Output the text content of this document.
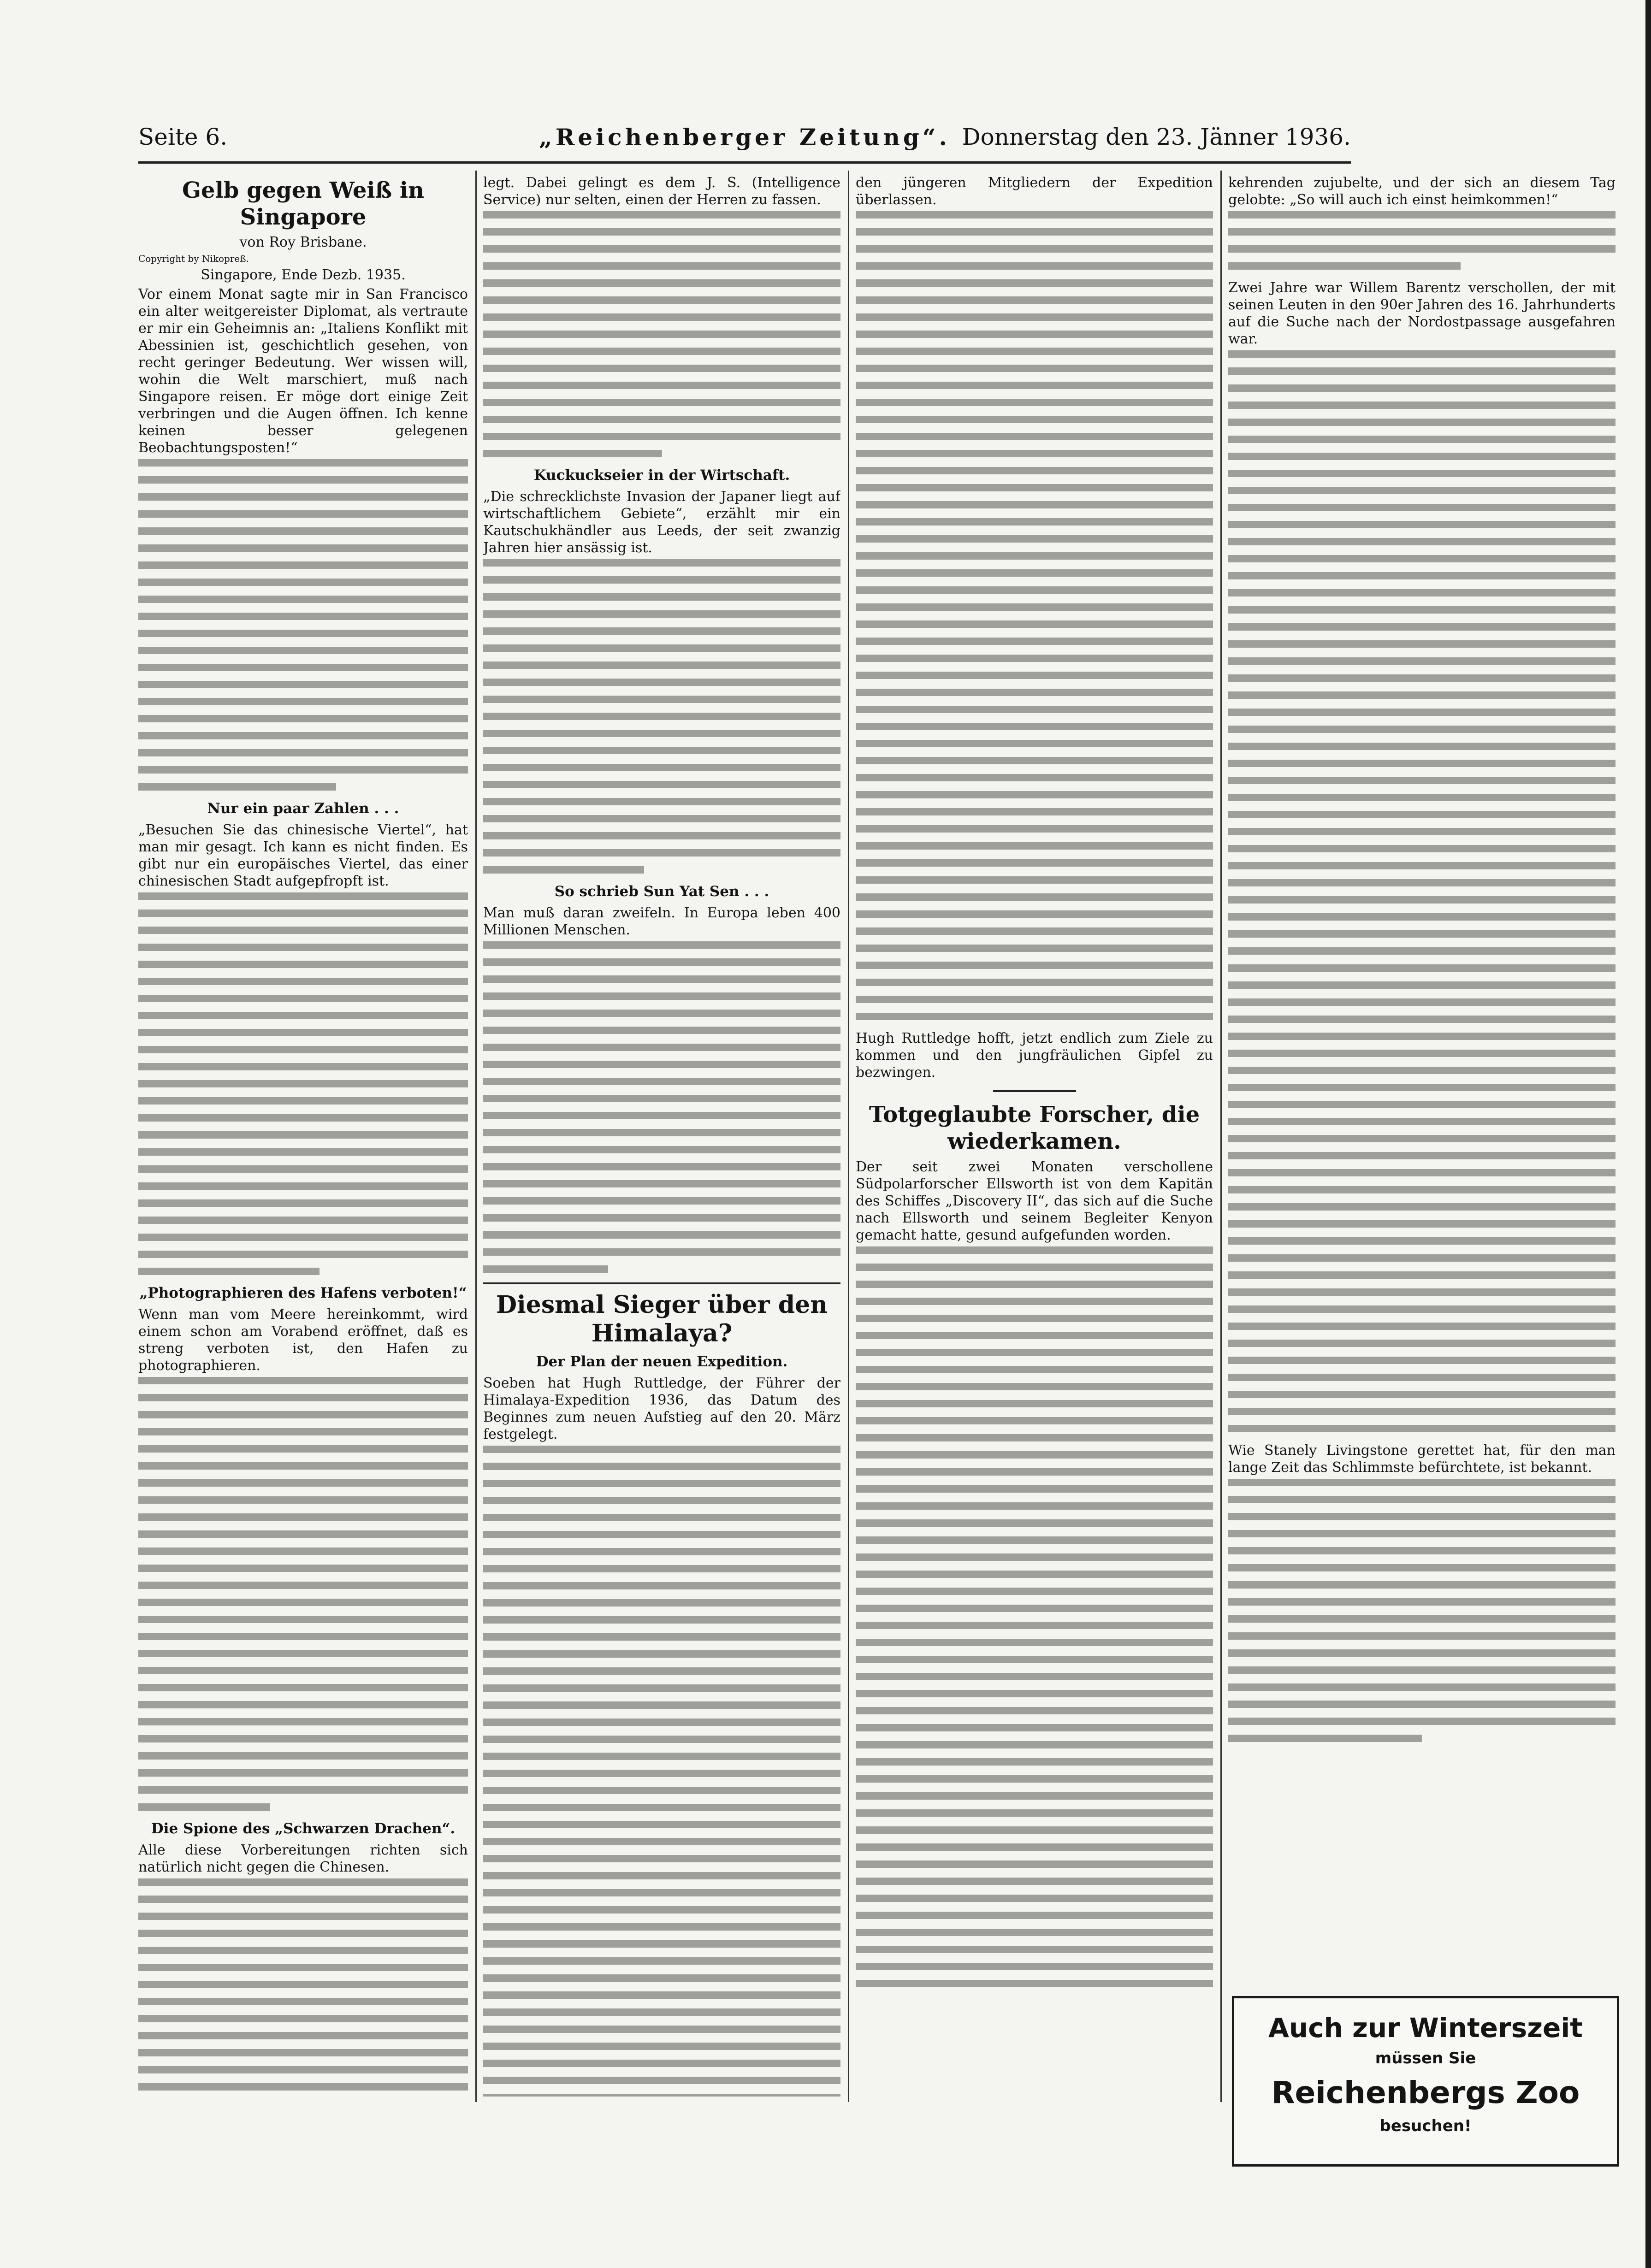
Seite 6.	„Reichenberger Zeitung“. Donnerstag den 23. Jänner 1936.
Gelb gegen Weiß in Singapore
von Roy Brisbane.
Copyright by Nikopreß.
Singapore, Ende Dezb. 1935.

Vor einem Monat sagte mir in San Francisco ein alter weitgereister Diplomat, als vertraute er mir ein Geheimnis an: „Italiens Konflikt mit Abessinien ist, geschichtlich gesehen, von recht geringer Bedeutung. Wer wissen will, wohin die Welt marschiert, muß nach Singapore reisen. Er möge dort einige Zeit verbringen und die Augen öffnen. Ich kenne keinen besser gelegenen Beobachtungsposten!“

Nur ein paar Zahlen . . .

„Besuchen Sie das chinesische Viertel“, hat man mir gesagt. Ich kann es nicht finden. Es gibt nur ein europäisches Viertel, das einer chinesischen Stadt aufgepfropft ist.

„Photographieren des Hafens verboten!“

Wenn man vom Meere hereinkommt, wird einem schon am Vorabend eröffnet, daß es streng verboten ist, den Hafen zu photographieren.

Die Spione des „Schwarzen Drachen“.

Alle diese Vorbereitungen richten sich natürlich nicht gegen die Chinesen.

legt. Dabei gelingt es dem J. S. (Intelligence Service) nur selten, einen der Herren zu fassen.

Kuckuckseier in der Wirtschaft.

„Die schrecklichste Invasion der Japaner liegt auf wirtschaftlichem Gebiete“, erzählt mir ein Kautschukhändler aus Leeds, der seit zwanzig Jahren hier ansässig ist.

So schrieb Sun Yat Sen . . .

Man muß daran zweifeln. In Europa leben 400 Millionen Menschen.

Diesmal Sieger über den Himalaya?
Der Plan der neuen Expedition.

Soeben hat Hugh Ruttledge, der Führer der Himalaya-Expedition 1936, das Datum des Beginnes zum neuen Aufstieg auf den 20. März festgelegt.

den jüngeren Mitgliedern der Expedition überlassen.

Hugh Ruttledge hofft, jetzt endlich zum Ziele zu kommen und den jungfräulichen Gipfel zu bezwingen.

Totgeglaubte Forscher, die wiederkamen.

Der seit zwei Monaten verschollene Südpolarforscher Ellsworth ist von dem Kapitän des Schiffes „Discovery II“, das sich auf die Suche nach Ellsworth und seinem Begleiter Kenyon gemacht hatte, gesund aufgefunden worden.

kehrenden zujubelte, und der sich an diesem Tag gelobte: „So will auch ich einst heimkommen!“

Zwei Jahre war Willem Barentz verschollen, der mit seinen Leuten in den 90er Jahren des 16. Jahrhunderts auf die Suche nach der Nordostpassage ausgefahren war.

Wie Stanely Livingstone gerettet hat, für den man lange Zeit das Schlimmste befürchtete, ist bekannt.

Auch zur Winterszeit
müssen Sie
Reichenbergs Zoo
besuchen!
